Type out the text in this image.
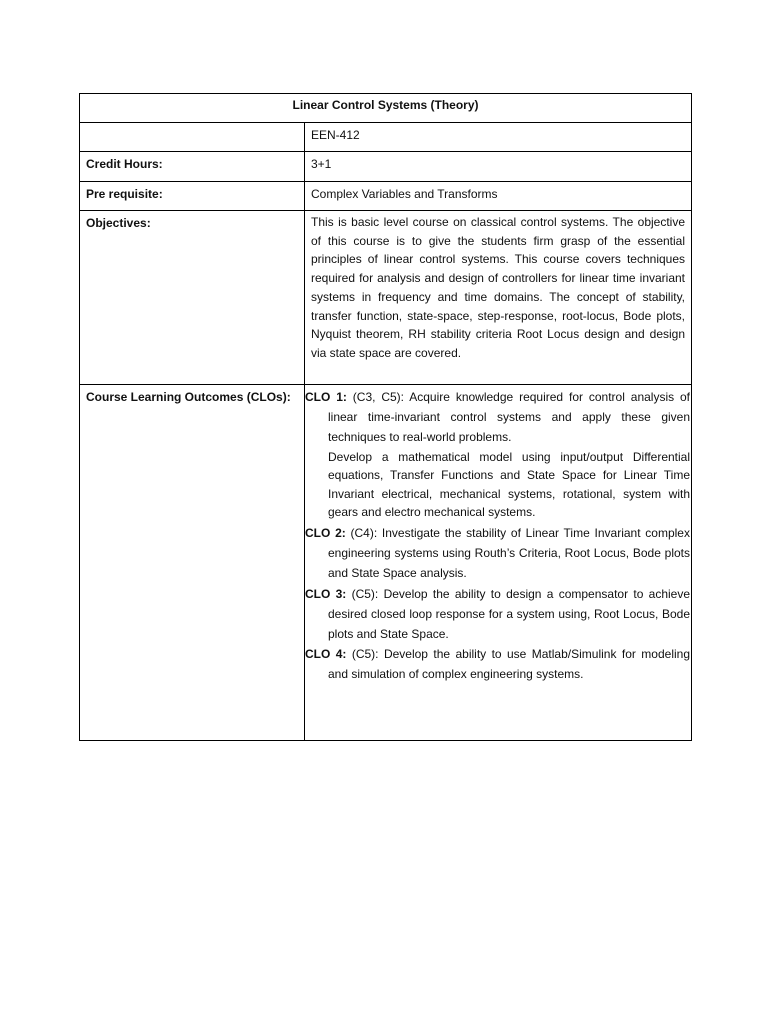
Linear Control Systems (Theory)	
	EEN-412
Credit Hours:	3+1
Pre requisite:	Complex Variables and Transforms
Objectives:	This is basic level course on classical control systems. The objective of this course is to give the students firm grasp of the essential principles of linear control systems. This course covers techniques required for analysis and design of controllers for linear time invariant systems in frequency and time domains. The concept of stability, transfer function, state-space, step-response, root-locus, Bode plots, Nyquist theorem, RH stability criteria Root Locus design and design via state space are covered.
Course Learning Outcomes (CLOs):	CLO 1: (C3, C5): Acquire knowledge required for control analysis of linear time-invariant control systems and apply these given techniques to real-world problems.

Develop a mathematical model using input/output Differential equations, Transfer Functions and State Space for Linear Time Invariant electrical, mechanical systems, rotational, system with gears and electro mechanical systems.

CLO 2: (C4): Investigate the stability of Linear Time Invariant complex engineering systems using Routh’s Criteria, Root Locus, Bode plots and State Space analysis.

CLO 3: (C5): Develop the ability to design a compensator to achieve desired closed loop response for a system using, Root Locus, Bode plots and State Space.

CLO 4: (C5): Develop the ability to use Matlab/Simulink for modeling and simulation of complex engineering systems.
